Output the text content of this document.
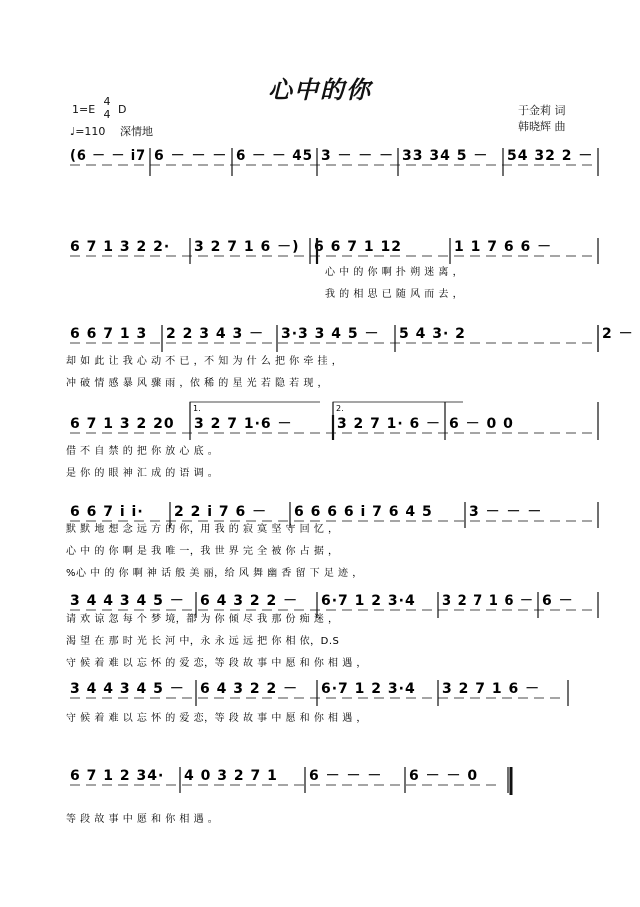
心中的你
1=E
4
4 D
♩=110 深情地
于金莉 词
韩晓辉 曲
(6 － － i7 6 － － － 6 － － 45 3 － － － 33 34 5 － 54 32 2 －
6 7 1 3 2 2· 3 2 7 1 6 －) 6 6 7 1 12	1 1 7 6 6 －
心 中 的 你 啊 扑 朔 迷 离 ，
我 的 相 思 已 随 风 而 去 ，
6 6 7 1 3 2 2 3 4 3 － 3·3 3 4 5 － 5 4 3· 2	2 －
却 如 此 让 我 心 动 不 已 ，不 知 为 什 么 把 你 牵 挂 ，
冲 破 情 感 暴 风 骤 雨 ，依 稀 的 星 光 若 隐 若 现 ，
6 7 1 3 2 20 3 2 7 1·6 －	3 2 7 1· 6 － 6 － 0 0
1.	2.
借 不 自 禁 的 把 你 放 心 底 。
是 你 的 眼 神 汇 成 的 语 调 。
6 6 7 i i· 2 2 i 7 6 － 6 6 6 6 i 7 6 4 5	3 － － －
默 默 地 想 念 远 方 的 你，用 我 的 寂 寞 坚 守 回 忆 ，
心 中 的 你 啊 是 我 唯 一，我 世 界 完 全 被 你 占 据 ，
%心 中 的 你 啊 神 话 般 美 丽，给 风 舞 幽 香 留 下 足 迹 ，
3 4 4 3 4 5 － 6 4 3 2 2 － 6·7 1 2 3·4 3 2 7 1 6 － 6 －
请 欢 谅 忽 每 个 梦 境，都 为 你 倾 尽 我 那 份 痴 迷 ，
渴 望 在 那 时 光 长 河 中，永 永 远 远 把 你 相 依，D.S
守 候 着 难 以 忘 怀 的 爱 恋，等 段 故 事 中 愿 和 你 相 遇 ，
3 4 4 3 4 5 － 6 4 3 2 2 － 6·7 1 2 3·4 3 2 7 1 6 －
守 候 着 难 以 忘 怀 的 爱 恋，等 段 故 事 中 愿 和 你 相 遇 ，
6 7 1 2 34· 4 0 3 2 7 1 6 － － － 6 － － 0
等 段 故 事 中 愿 和 你 相 遇 。
